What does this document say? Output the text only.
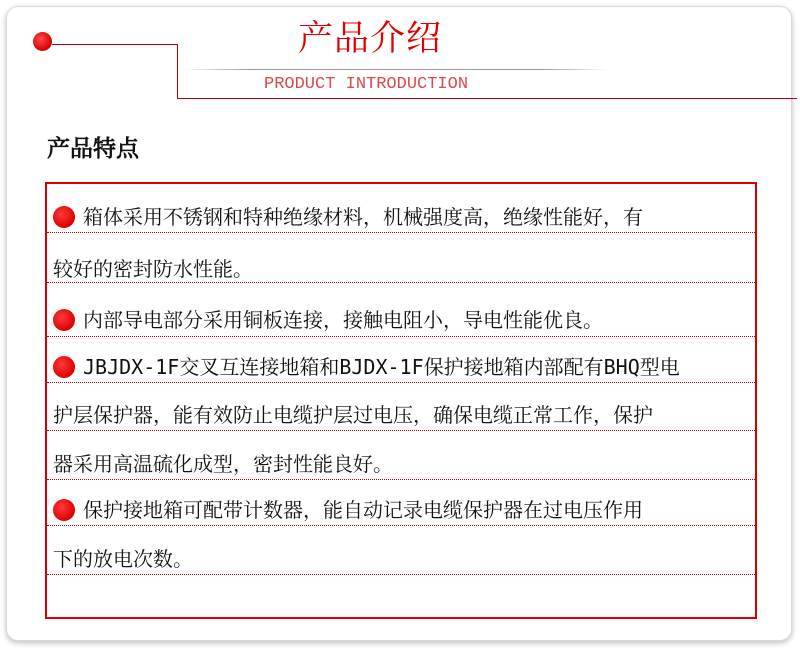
产品介绍
PRODUCT INTRODUCTION
产品特点
箱体采用不锈钢和特种绝缘材料，机械强度高，绝缘性能好，有
较好的密封防水性能。
内部导电部分采用铜板连接，接触电阻小，导电性能优良。
JBJDX-1F交叉互连接地箱和BJDX-1F保护接地箱内部配有BHQ型电
护层保护器，能有效防止电缆护层过电压，确保电缆正常工作，保护
器采用高温硫化成型，密封性能良好。
保护接地箱可配带计数器，能自动记录电缆保护器在过电压作用
下的放电次数。
